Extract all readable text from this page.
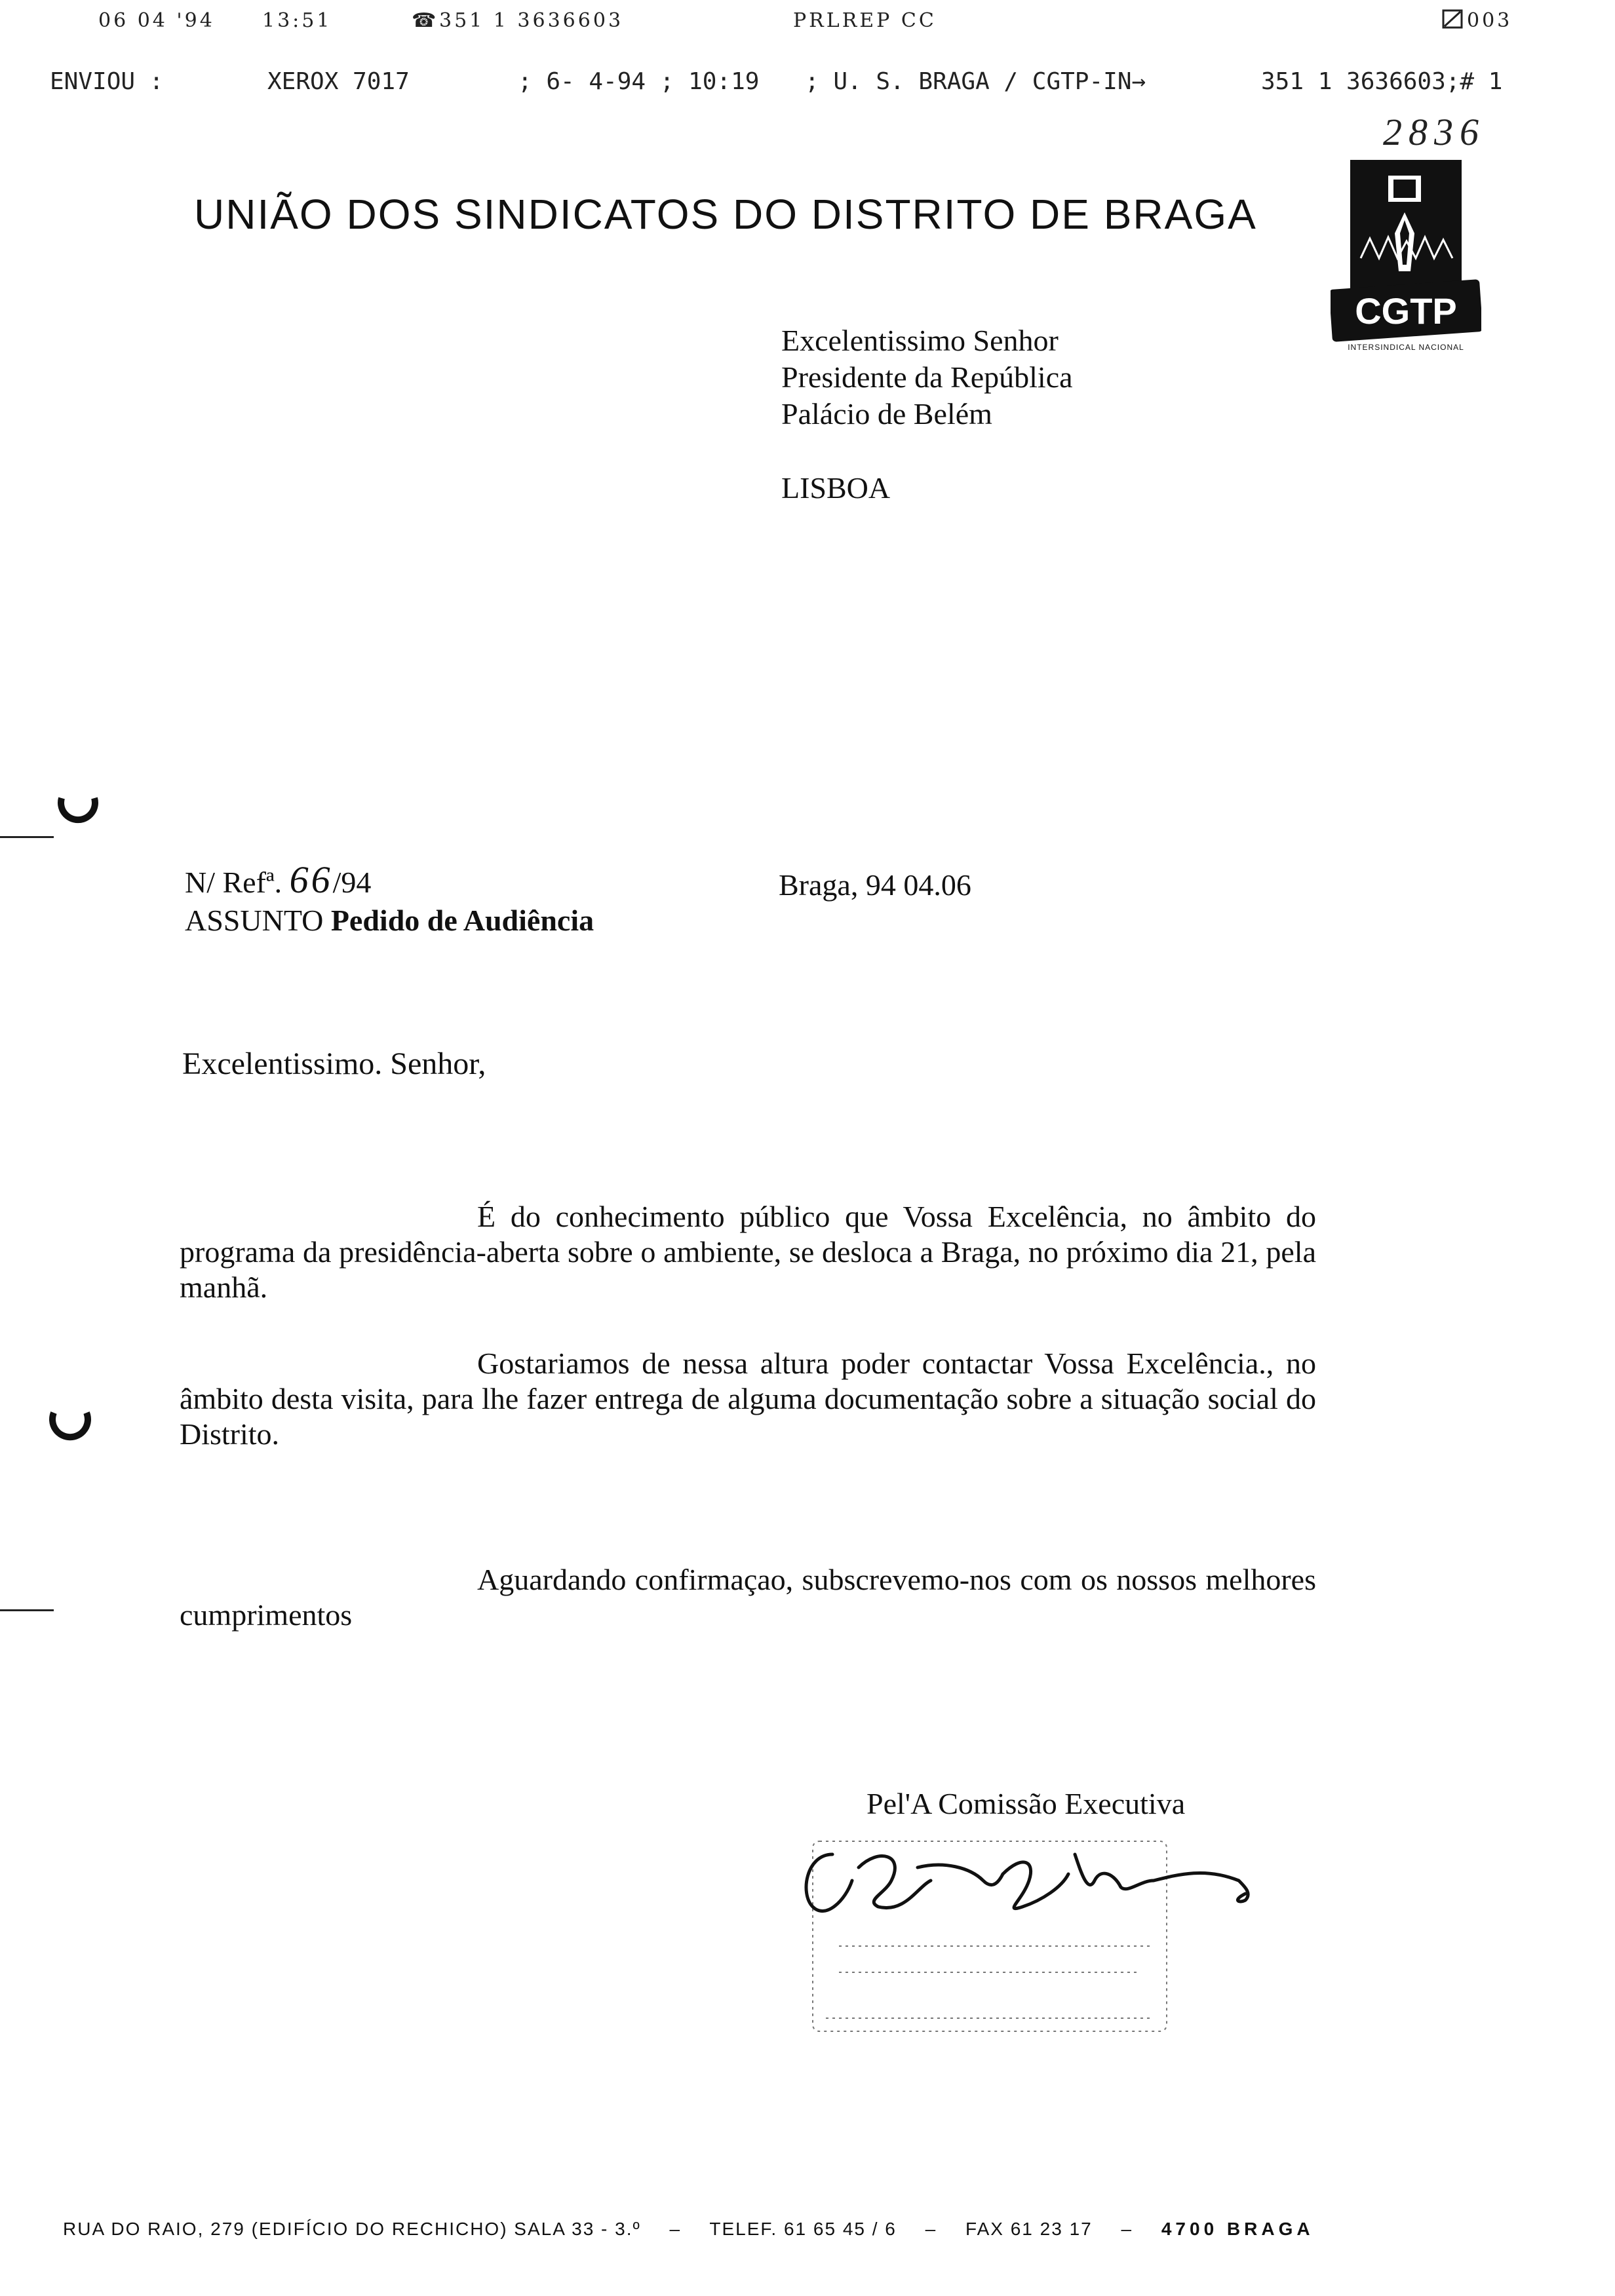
06 04 '94 13:51	☎ 351 1 3636603	PRLREP CC	003
ENVIOU :	XEROX 7017	; 6- 4-94 ; 10:19 ; U. S. BRAGA / CGTP-IN→	351 1 3636603;# 1
2836
UNIÃO DOS SINDICATOS DO DISTRITO DE BRAGA
CGTP
INTERSINDICAL NACIONAL
Excelentissimo Senhor
Presidente da República
Palácio de Belém
LISBOA
N/ Refª. 66/94
ASSUNTO Pedido de Audiência
Braga, 94 04.06
Excelentissimo. Senhor,
É do conhecimento público que Vossa Excelência, no âmbito do programa da presidência-aberta sobre o ambiente, se desloca a Braga, no próximo dia 21, pela manhã.
Gostariamos de nessa altura poder contactar Vossa Excelência., no âmbito desta visita, para lhe fazer entrega de alguma documentação sobre a situação social do Distrito.
Aguardando confirmaçao, subscrevemo-nos com os nossos melhores cumprimentos
Pel'A Comissão Executiva
RUA DO RAIO, 279 (EDIFÍCIO DO RECHICHO) SALA 33 - 3.º – TELEF. 61 65 45 / 6 – FAX 61 23 17 – 4700 BRAGA
